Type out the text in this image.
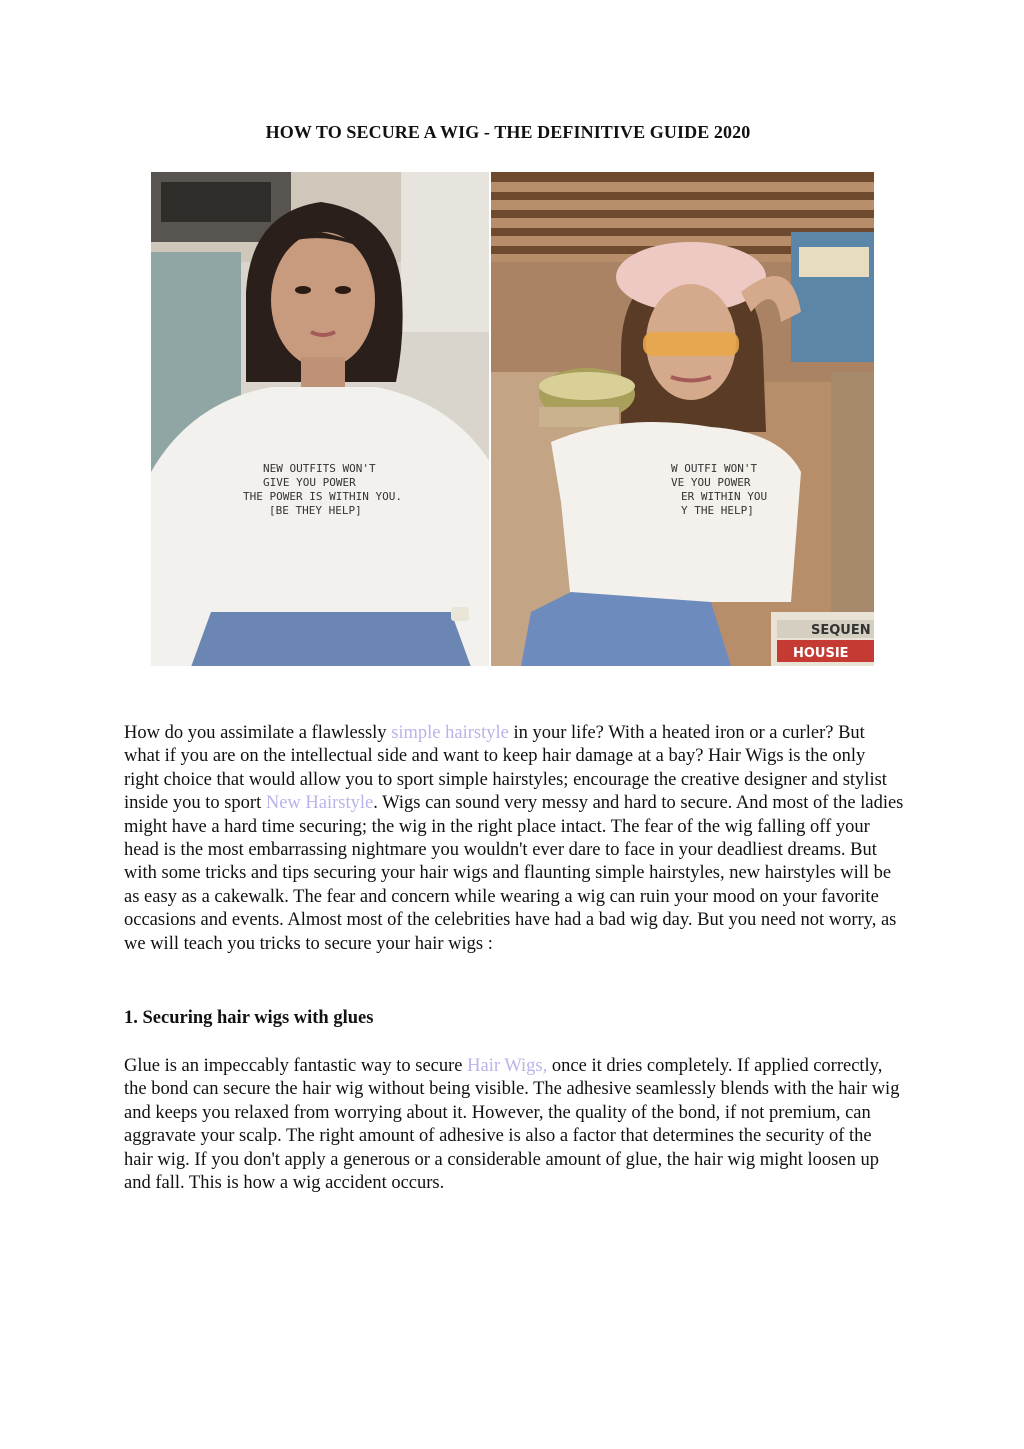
HOW TO SECURE A WIG - THE DEFINITIVE GUIDE 2020
NEW OUTFITS WON'T
GIVE YOU POWER
THE POWER IS WITHIN YOU.
[BE THEY HELP]
SEQUEN
HOUSIE
W OUTFI WON'T
VE YOU POWER
ER WITHIN YOU
Y THE HELP]

How do you assimilate a flawlessly simple hairstyle in your life? With a heated iron or a curler? But what if you are on the intellectual side and want to keep hair damage at a bay? Hair Wigs is the only right choice that would allow you to sport simple hairstyles; encourage the creative designer and stylist inside you to sport New Hairstyle. Wigs can sound very messy and hard to secure. And most of the ladies might have a hard time securing; the wig in the right place intact. The fear of the wig falling off your head is the most embarrassing nightmare you wouldn't ever dare to face in your deadliest dreams. But with some tricks and tips securing your hair wigs and flaunting simple hairstyles, new hairstyles will be as easy as a cakewalk. The fear and concern while wearing a wig can ruin your mood on your favorite occasions and events. Almost most of the celebrities have had a bad wig day. But you need not worry, as we will teach you tricks to secure your hair wigs :

1. Securing hair wigs with glues

Glue is an impeccably fantastic way to secure Hair Wigs, once it dries completely. If applied correctly, the bond can secure the hair wig without being visible. The adhesive seamlessly blends with the hair wig and keeps you relaxed from worrying about it. However, the quality of the bond, if not premium, can aggravate your scalp. The right amount of adhesive is also a factor that determines the security of the hair wig. If you don't apply a generous or a considerable amount of glue, the hair wig might loosen up and fall. This is how a wig accident occurs.
